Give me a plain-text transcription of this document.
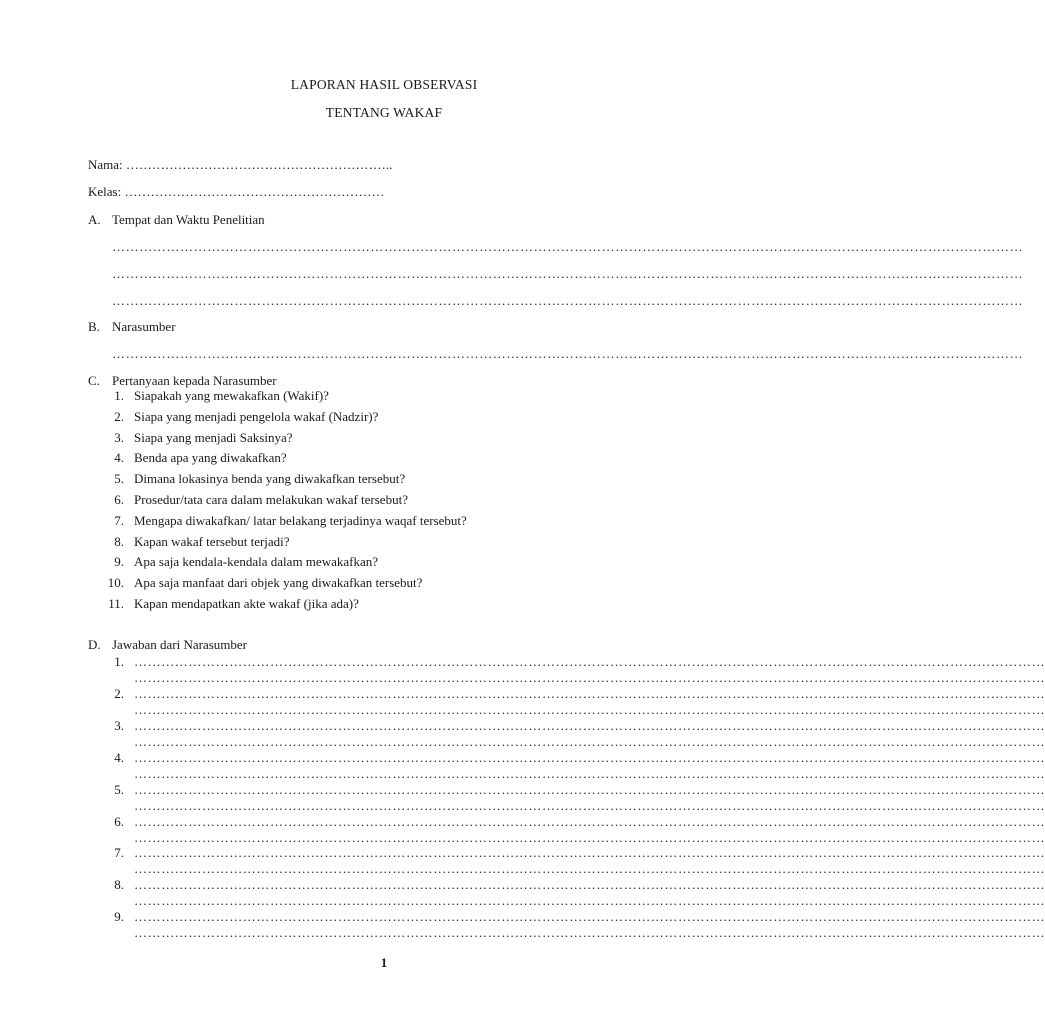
LAPORAN HASIL OBSERVASI
TENTANG WAKAF
Nama: ……………………………………………………..
Kelas: ……………………………………………………
A. Tempat dan Waktu Penelitian
…………………………………………………………………………………………………………………………………………………………………………………
…………………………………………………………………………………………………………………………………………………………………………………
…………………………………………………………………………………………………………………………………………………………………………………
B. Narasumber
…………………………………………………………………………………………………………………………………………………………………………………
C. Pertanyaan kepada Narasumber
1. Siapakah yang mewakafkan (Wakif)?
2. Siapa yang menjadi pengelola wakaf (Nadzir)?
3. Siapa yang menjadi Saksinya?
4. Benda apa yang diwakafkan?
5. Dimana lokasinya benda yang diwakafkan tersebut?
6. Prosedur/tata cara dalam melakukan wakaf tersebut?
7. Mengapa diwakafkan/ latar belakang terjadinya waqaf tersebut?
8. Kapan wakaf tersebut terjadi?
9. Apa saja kendala-kendala dalam mewakafkan?
10. Apa saja manfaat dari objek yang diwakafkan tersebut?
11. Kapan mendapatkan akte wakaf (jika ada)?
D. Jawaban dari Narasumber
1. …………………………………………………………………………………………………………………………………………………………………………………
…………………………………………………………………………………………………………………………………………………………………………………
2. …………………………………………………………………………………………………………………………………………………………………………………
…………………………………………………………………………………………………………………………………………………………………………………
3. …………………………………………………………………………………………………………………………………………………………………………………
…………………………………………………………………………………………………………………………………………………………………………………
4. …………………………………………………………………………………………………………………………………………………………………………………
…………………………………………………………………………………………………………………………………………………………………………………
5. …………………………………………………………………………………………………………………………………………………………………………………
…………………………………………………………………………………………………………………………………………………………………………………
6. …………………………………………………………………………………………………………………………………………………………………………………
…………………………………………………………………………………………………………………………………………………………………………………
7. …………………………………………………………………………………………………………………………………………………………………………………
…………………………………………………………………………………………………………………………………………………………………………………
8. …………………………………………………………………………………………………………………………………………………………………………………
…………………………………………………………………………………………………………………………………………………………………………………
9. …………………………………………………………………………………………………………………………………………………………………………………
…………………………………………………………………………………………………………………………………………………………………………………
1
